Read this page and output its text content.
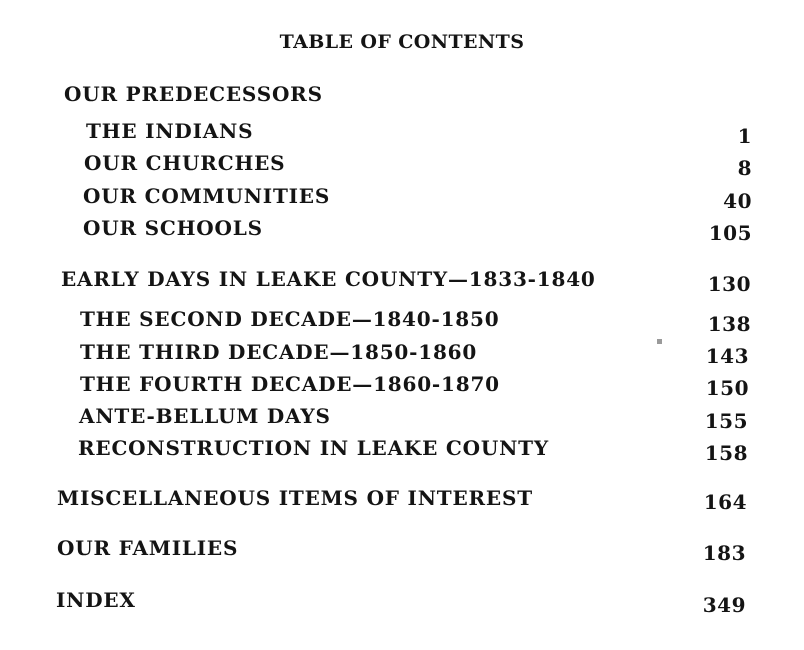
TABLE OF CONTENTS
OUR PREDECESSORS
THE INDIANS	1
OUR CHURCHES	8
OUR COMMUNITIES	40
OUR SCHOOLS	105
EARLY DAYS IN LEAKE COUNTY—1833-1840	130
THE SECOND DECADE—1840-1850	138
THE THIRD DECADE—1850-1860	143
THE FOURTH DECADE—1860-1870	150
ANTE-BELLUM DAYS	155
RECONSTRUCTION IN LEAKE COUNTY	158
MISCELLANEOUS ITEMS OF INTEREST	164
OUR FAMILIES	183
INDEX	349
